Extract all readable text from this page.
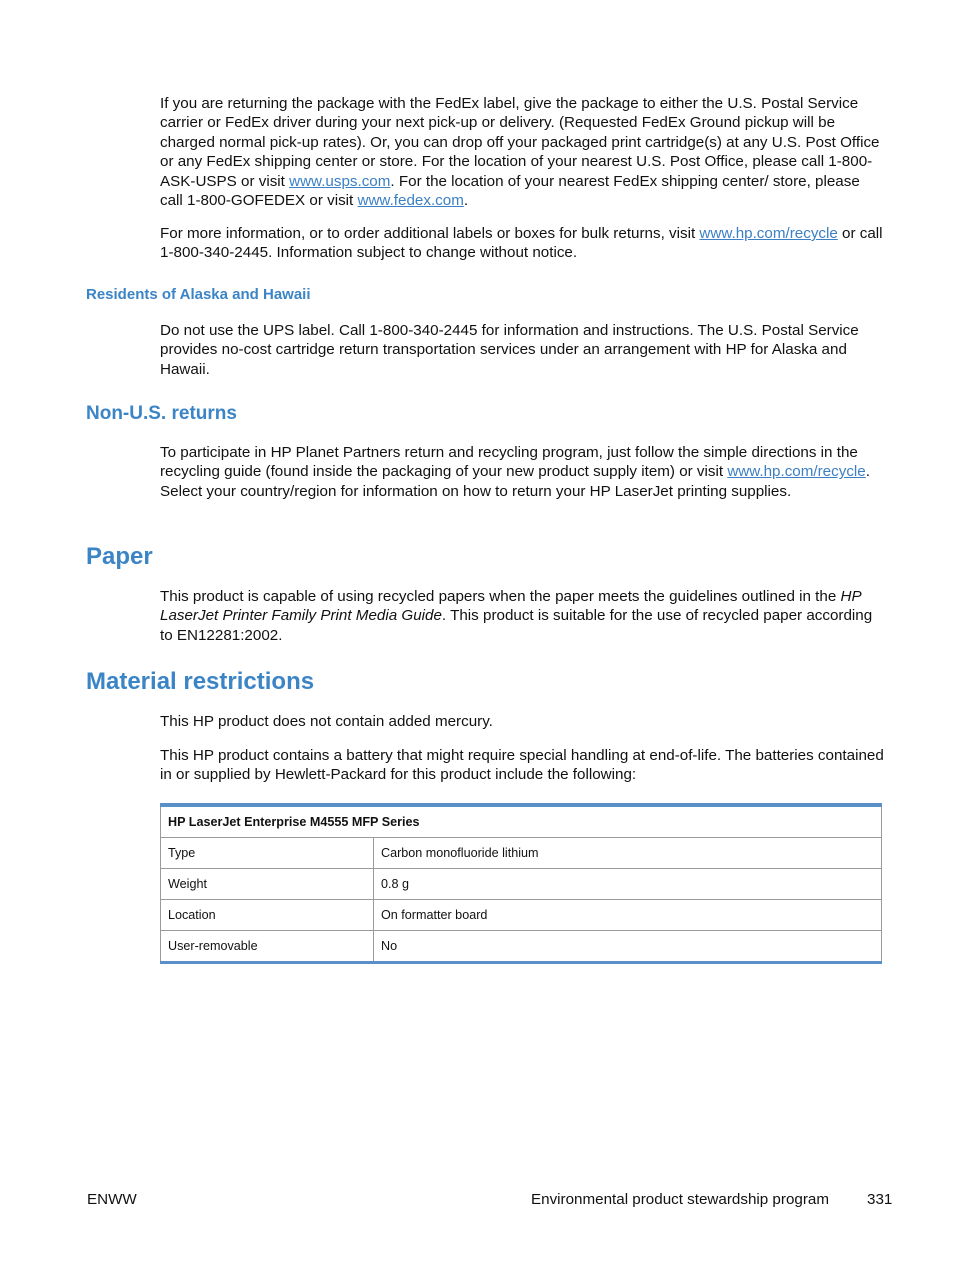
If you are returning the package with the FedEx label, give the package to either the U.S. Postal Service carrier or FedEx driver during your next pick-up or delivery. (Requested FedEx Ground pickup will be charged normal pick-up rates). Or, you can drop off your packaged print cartridge(s) at any U.S. Post Office or any FedEx shipping center or store. For the location of your nearest U.S. Post Office, please call 1-800-ASK-USPS or visit www.usps.com. For the location of your nearest FedEx shipping center/ store, please call 1-800-GOFEDEX or visit www.fedex.com.

For more information, or to order additional labels or boxes for bulk returns, visit www.hp.com/recycle or call 1-800-340-2445. Information subject to change without notice.

Residents of Alaska and Hawaii

Do not use the UPS label. Call 1-800-340-2445 for information and instructions. The U.S. Postal Service provides no-cost cartridge return transportation services under an arrangement with HP for Alaska and Hawaii.

Non-U.S. returns

To participate in HP Planet Partners return and recycling program, just follow the simple directions in the recycling guide (found inside the packaging of your new product supply item) or visit www.hp.com/recycle. Select your country/region for information on how to return your HP LaserJet printing supplies.

Paper

This product is capable of using recycled papers when the paper meets the guidelines outlined in the HP LaserJet Printer Family Print Media Guide. This product is suitable for the use of recycled paper according to EN12281:2002.

Material restrictions

This HP product does not contain added mercury.

This HP product contains a battery that might require special handling at end-of-life. The batteries contained in or supplied by Hewlett-Packard for this product include the following:

HP LaserJet Enterprise M4555 MFP Series	
Type	Carbon monofluoride lithium
Weight	0.8 g
Location	On formatter board
User-removable	No
ENWW	Environmental product stewardship program	331
